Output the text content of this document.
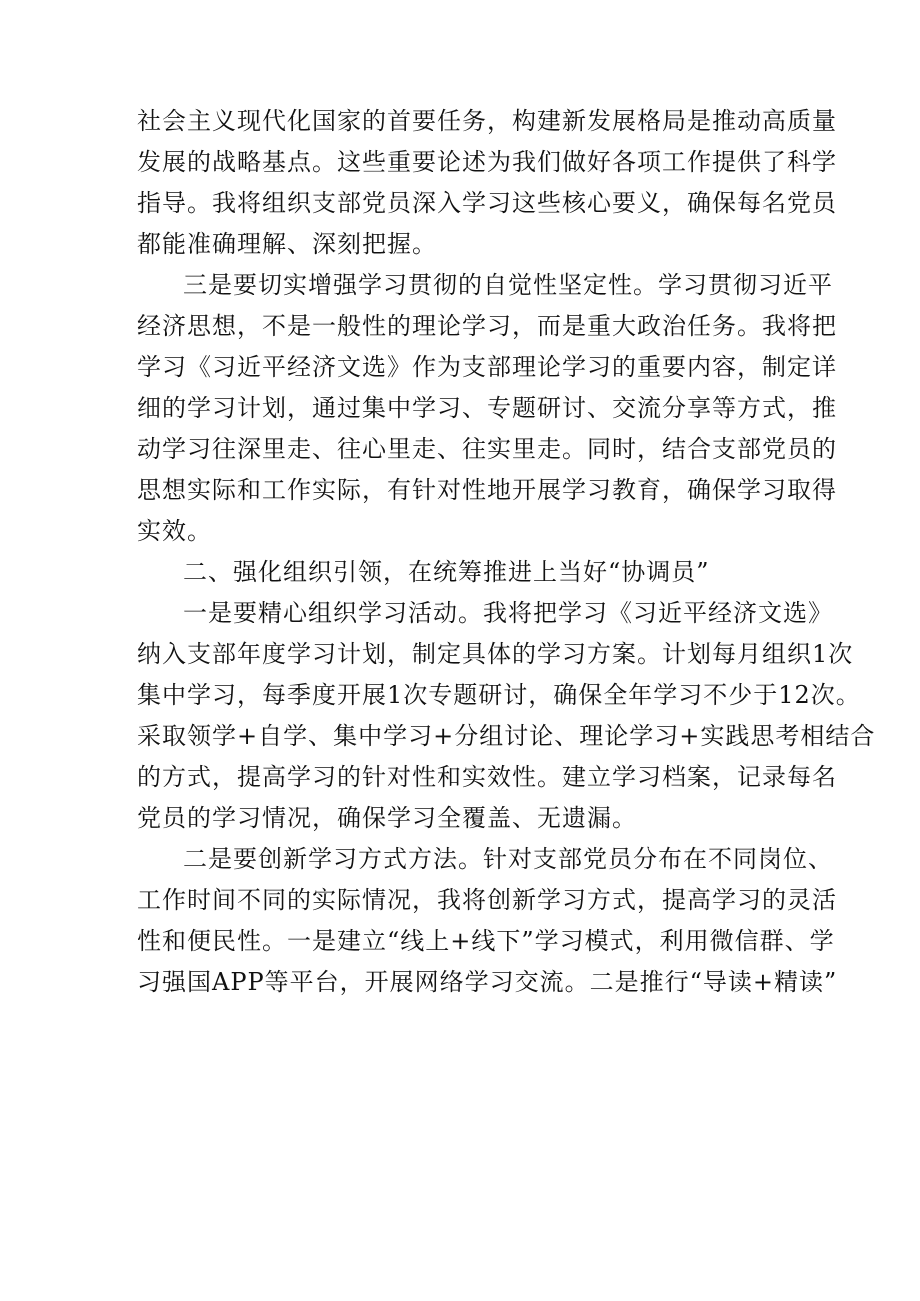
社会主义现代化国家的首要任务，构建新发展格局是推动高质量

发展的战略基点。这些重要论述为我们做好各项工作提供了科学

指导。我将组织支部党员深入学习这些核心要义，确保每名党员

都能准确理解、深刻把握。

三是要切实增强学习贯彻的自觉性坚定性。学习贯彻习近平

经济思想，不是一般性的理论学习，而是重大政治任务。我将把

学习《习近平经济文选》作为支部理论学习的重要内容，制定详

细的学习计划，通过集中学习、专题研讨、交流分享等方式，推

动学习往深里走、往心里走、往实里走。同时，结合支部党员的

思想实际和工作实际，有针对性地开展学习教育，确保学习取得

实效。

二、强化组织引领，在统筹推进上当好“协调员”

一是要精心组织学习活动。我将把学习《习近平经济文选》

纳入支部年度学习计划，制定具体的学习方案。计划每月组织1次

集中学习，每季度开展1次专题研讨，确保全年学习不少于12次。

采取领学+自学、集中学习+分组讨论、理论学习+实践思考相结合

的方式，提高学习的针对性和实效性。建立学习档案，记录每名

党员的学习情况，确保学习全覆盖、无遗漏。

二是要创新学习方式方法。针对支部党员分布在不同岗位、

工作时间不同的实际情况，我将创新学习方式，提高学习的灵活

性和便民性。一是建立“线上+线下”学习模式，利用微信群、学

习强国APP等平台，开展网络学习交流。二是推行“导读+精读”
